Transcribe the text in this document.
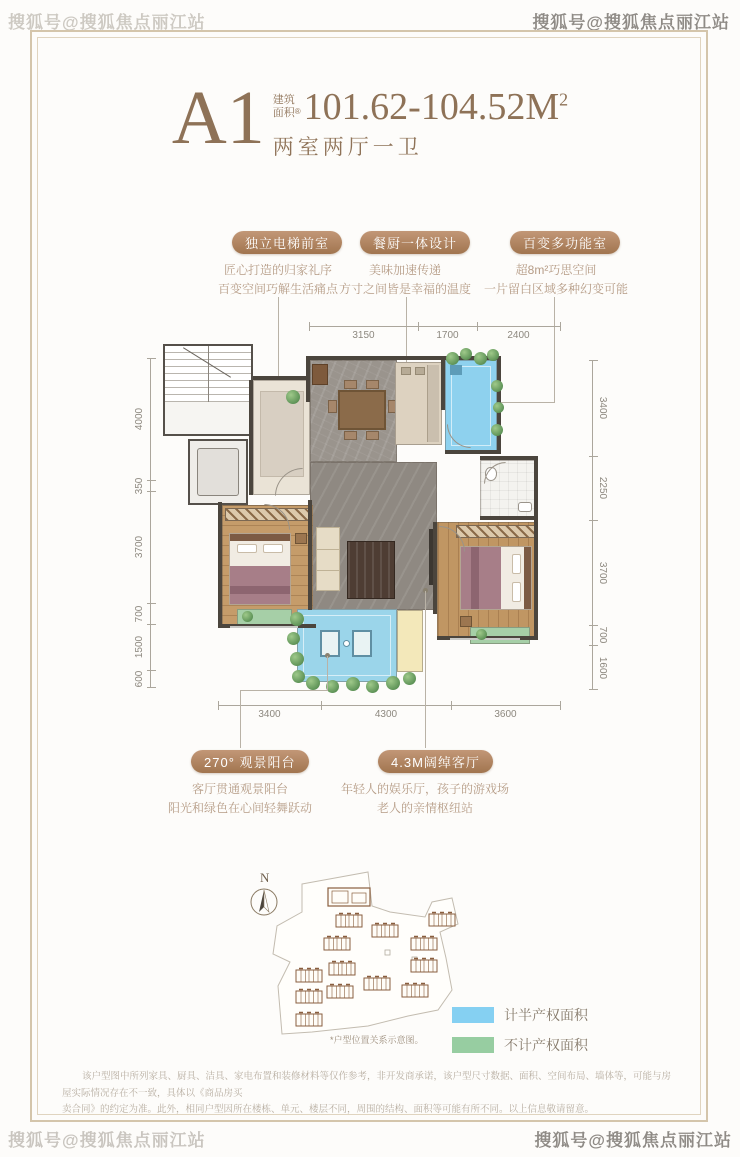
搜狐号@搜狐焦点丽江站	搜狐号@搜狐焦点丽江站
搜狐号@搜狐焦点丽江站	搜狐号@搜狐焦点丽江站
A1 建筑
面积® $101.62-104.52M^2$
两室两厅一卫
独立电梯前室
匠心打造的归家礼序
百变空间巧解生活痛点
餐厨一体设计
美味加速传递
方寸之间皆是幸福的温度
百变多功能室
超8m²巧思空间
一片留白区域多种幻变可能
3150	1700	2400
3400	4300	3600
4000
350
3700
700
1500
600
3400
2250
3700
700
1600
270° 观景阳台
客厅贯通观景阳台
阳光和绿色在心间轻舞跃动
4.3M阔绰客厅
年轻人的娱乐厅，孩子的游戏场
老人的亲情枢纽站
N
*户型位置关系示意图。
计半产权面积
不计产权面积
该户型图中所列家具、厨具、洁具、家电布置和装修材料等仅作参考，非开发商承诺，该户型尺寸数据、面积、空间布局、墙体等，可能与房屋实际情况存在不一致，具体以《商品房买
卖合同》的约定为准。此外，相同户型因所在楼栋、单元、楼层不同，周围的结构、面积等可能有所不同。以上信息敬请留意。
